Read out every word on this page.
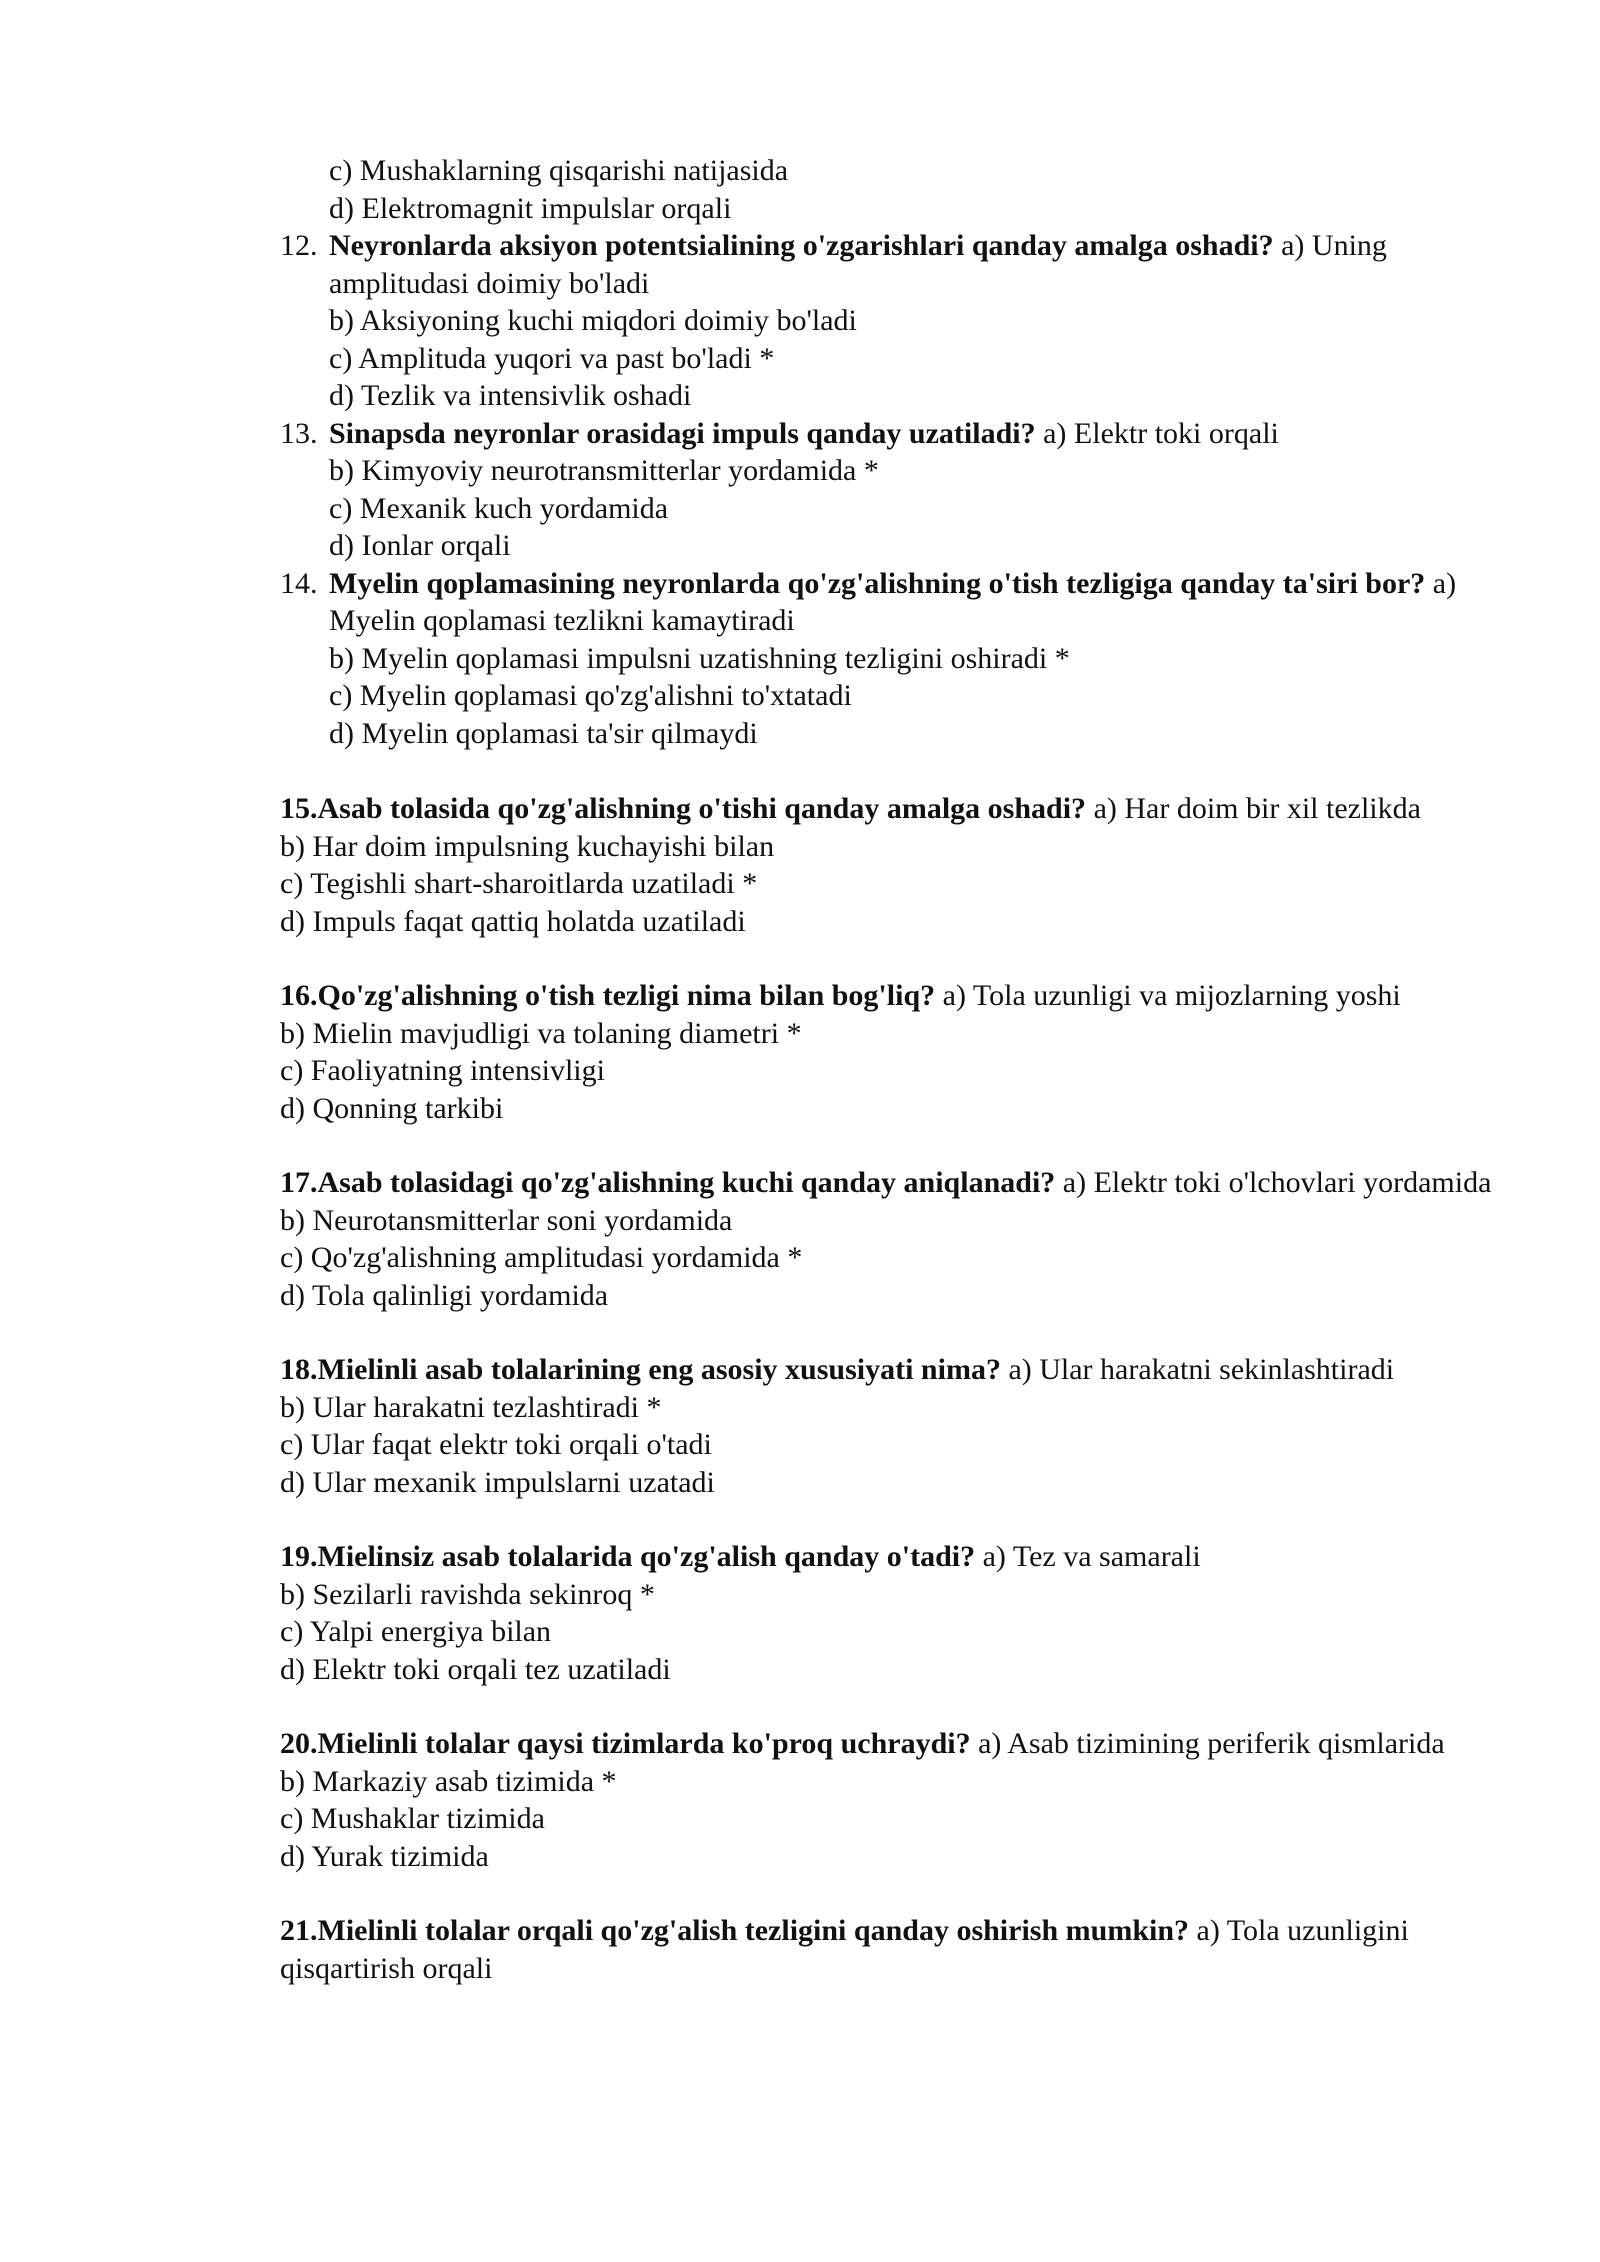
c) Mushaklarning qisqarishi natijasida
d) Elektromagnit impulslar orqali
12. Neyronlarda aksiyon potentsialining o'zgarishlari qanday amalga oshadi? a) Uning amplitudasi doimiy bo'ladi
b) Aksiyoning kuchi miqdori doimiy bo'ladi
c) Amplituda yuqori va past bo'ladi *
d) Tezlik va intensivlik oshadi
13. Sinapsda neyronlar orasidagi impuls qanday uzatiladi? a) Elektr toki orqali
b) Kimyoviy neurotransmitterlar yordamida *
c) Mexanik kuch yordamida
d) Ionlar orqali
14. Myelin qoplamasining neyronlarda qo'zg'alishning o'tish tezligiga qanday ta'siri bor? a) Myelin qoplamasi tezlikni kamaytiradi
b) Myelin qoplamasi impulsni uzatishning tezligini oshiradi *
c) Myelin qoplamasi qo'zg'alishni to'xtatadi
d) Myelin qoplamasi ta'sir qilmaydi
15.Asab tolasida qo'zg'alishning o'tishi qanday amalga oshadi? a) Har doim bir xil tezlikda
b) Har doim impulsning kuchayishi bilan
c) Tegishli shart-sharoitlarda uzatiladi *
d) Impuls faqat qattiq holatda uzatiladi
16.Qo'zg'alishning o'tish tezligi nima bilan bog'liq? a) Tola uzunligi va mijozlarning yoshi
b) Mielin mavjudligi va tolaning diametri *
c) Faoliyatning intensivligi
d) Qonning tarkibi
17.Asab tolasidagi qo'zg'alishning kuchi qanday aniqlanadi? a) Elektr toki o'lchovlari yordamida
b) Neurotansmitterlar soni yordamida
c) Qo'zg'alishning amplitudasi yordamida *
d) Tola qalinligi yordamida
18.Mielinli asab tolalarining eng asosiy xususiyati nima? a) Ular harakatni sekinlashtiradi
b) Ular harakatni tezlashtiradi *
c) Ular faqat elektr toki orqali o'tadi
d) Ular mexanik impulslarni uzatadi
19.Mielinsiz asab tolalarida qo'zg'alish qanday o'tadi? a) Tez va samarali
b) Sezilarli ravishda sekinroq *
c) Yalpi energiya bilan
d) Elektr toki orqali tez uzatiladi
20.Mielinli tolalar qaysi tizimlarda ko'proq uchraydi? a) Asab tizimining periferik qismlarida
b) Markaziy asab tizimida *
c) Mushaklar tizimida
d) Yurak tizimida
21.Mielinli tolalar orqali qo'zg'alish tezligini qanday oshirish mumkin? a) Tola uzunligini qisqartirish orqali
